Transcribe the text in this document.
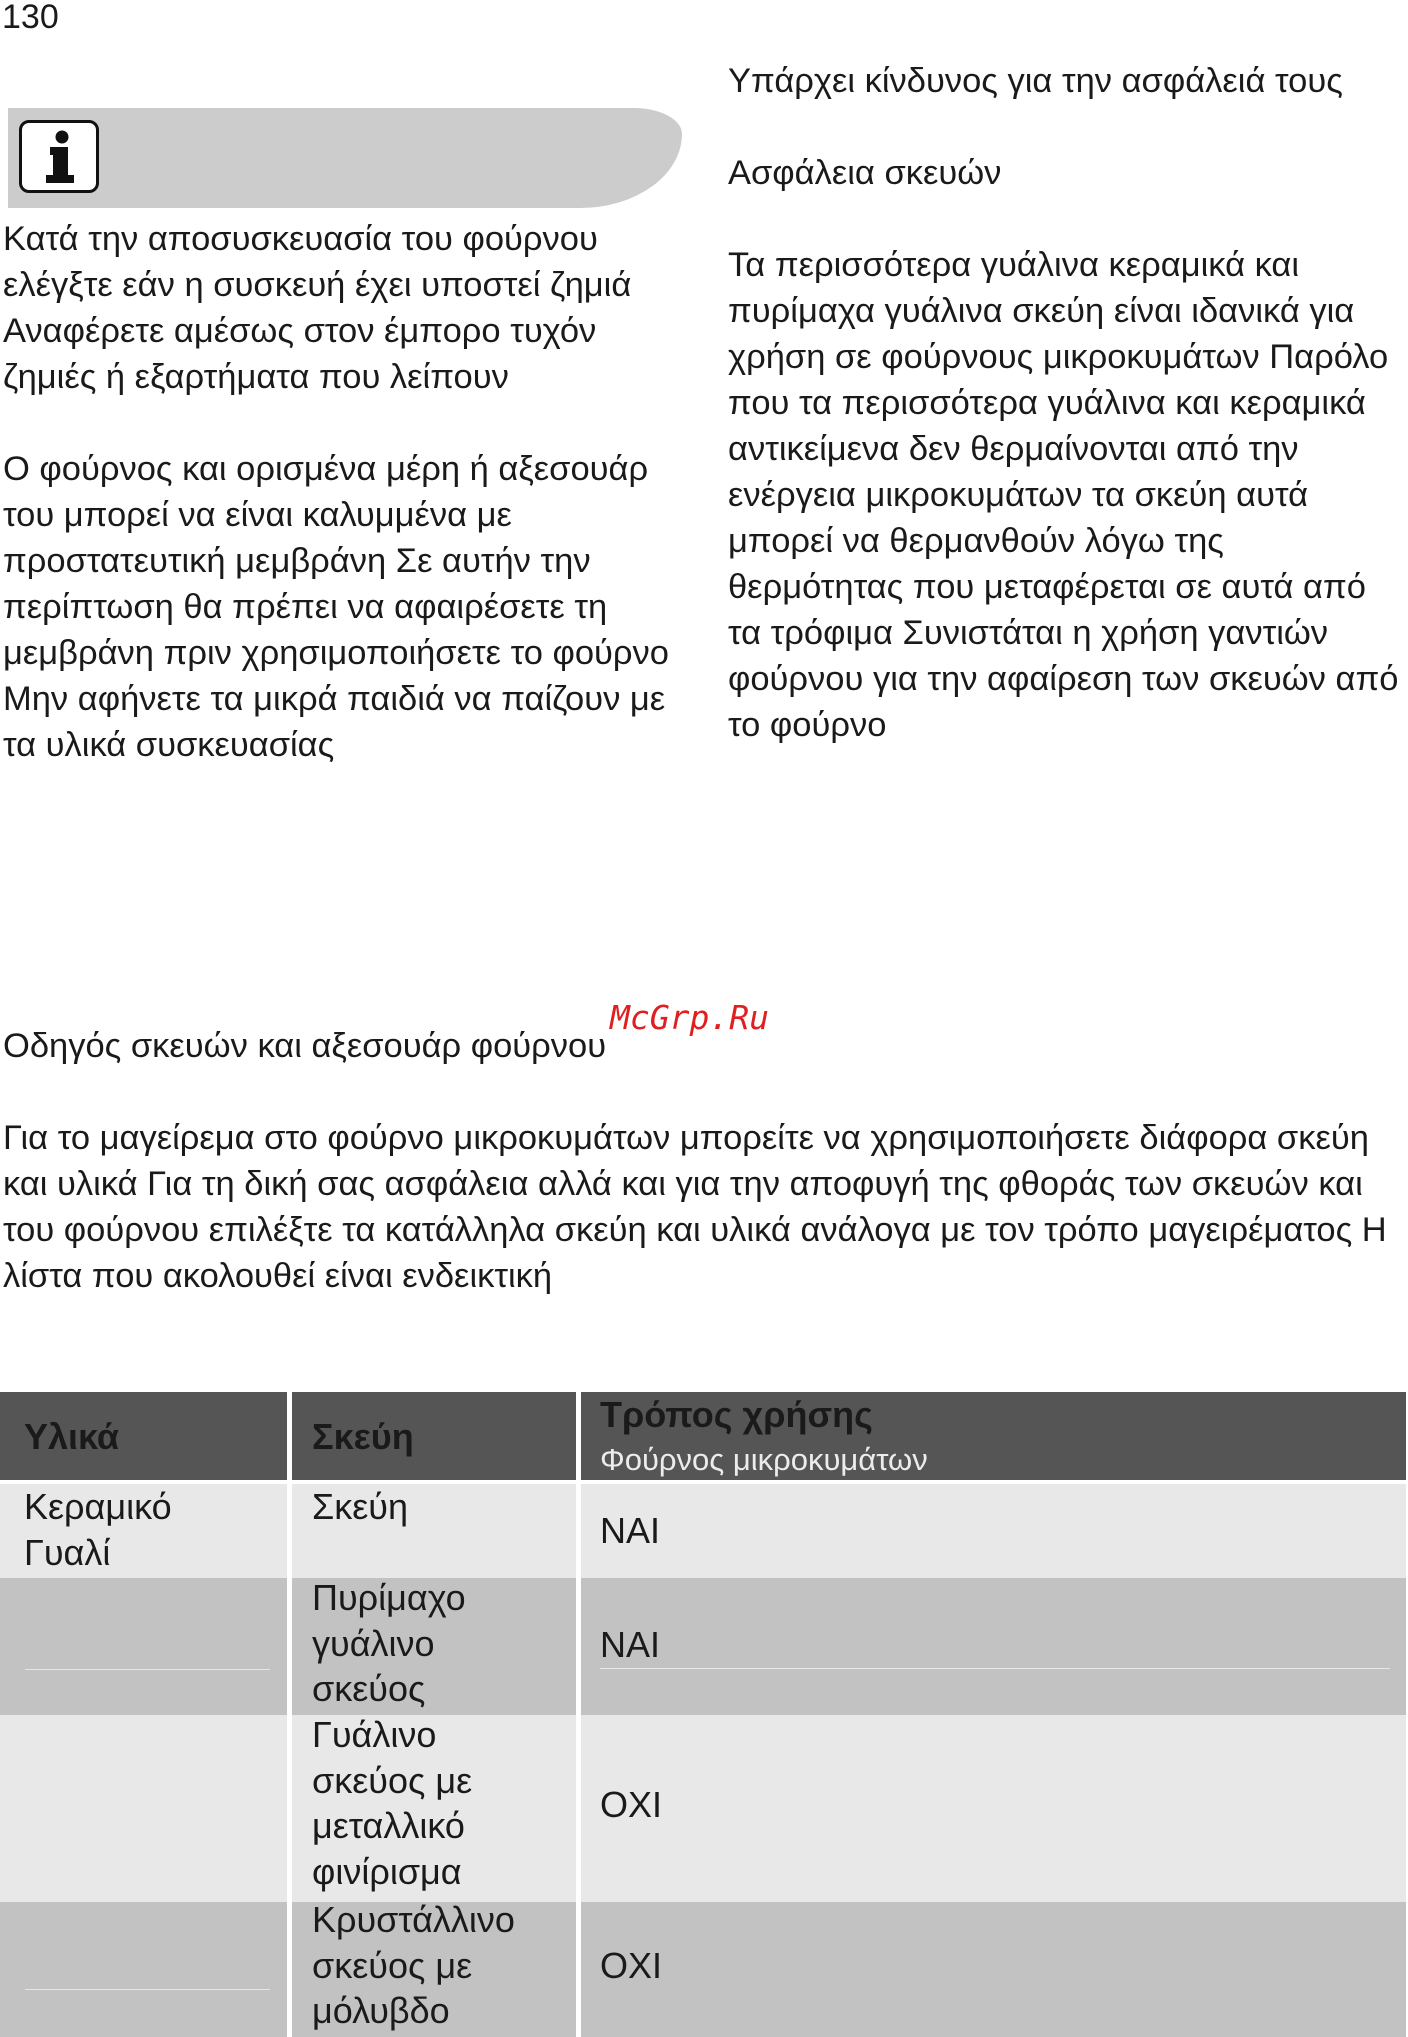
130

Κατά την αποσυσκευασία του φούρνου ελέγξτε εάν η συσκευή έχει υποστεί ζημιά Αναφέρετε αμέσως στον έμπορο τυχόν ζημιές ή εξαρτήματα που λείπουν

Ο φούρνος και ορισμένα μέρη ή αξεσουάρ του μπορεί να είναι καλυμμένα με προστατευτική μεμβράνη Σε αυτήν την περίπτωση θα πρέπει να αφαιρέσετε τη μεμβράνη πριν χρησιμοποιήσετε το φούρνο Μην αφήνετε τα μικρά παιδιά να παίζουν με τα υλικά συσκευασίας

Υπάρχει κίνδυνος για την ασφάλειά τους

Ασφάλεια σκευών

Τα περισσότερα γυάλινα κεραμικά και πυρίμαχα γυάλινα σκεύη είναι ιδανικά για χρήση σε φούρνους μικροκυμάτων Παρόλο που τα περισσότερα γυάλινα και κεραμικά αντικείμενα δεν θερμαίνονται από την ενέργεια μικροκυμάτων τα σκεύη αυτά μπορεί να θερμανθούν λόγω της θερμότητας που μεταφέρεται σε αυτά από τα τρόφιμα Συνιστάται η χρήση γαντιών φούρνου για την αφαίρεση των σκευών από το φούρνο

McGrp.Ru

Οδηγός σκευών και αξεσουάρ φούρνου

Για το μαγείρεμα στο φούρνο μικροκυμάτων μπορείτε να χρησιμοποιήσετε διάφορα σκεύη και υλικά Για τη δική σας ασφάλεια αλλά και για την αποφυγή της φθοράς των σκευών και του φούρνου επιλέξτε τα κατάλληλα σκεύη και υλικά ανάλογα με τον τρόπο μαγειρέματος Η λίστα που ακολουθεί είναι ενδεικτική

Υλικά	Σκεύη
Τρόπος χρήσης
Φούρνος μικροκυμάτων
Κεραμικό Γυαλί
Σκεύη
ΝΑΙ
Πυρίμαχο γυάλινο σκεύος
ΝΑΙ
Γυάλινο σκεύος με μεταλλικό φινίρισμα
ΟΧΙ
Κρυστάλλινο σκεύος με μόλυβδο
ΟΧΙ
